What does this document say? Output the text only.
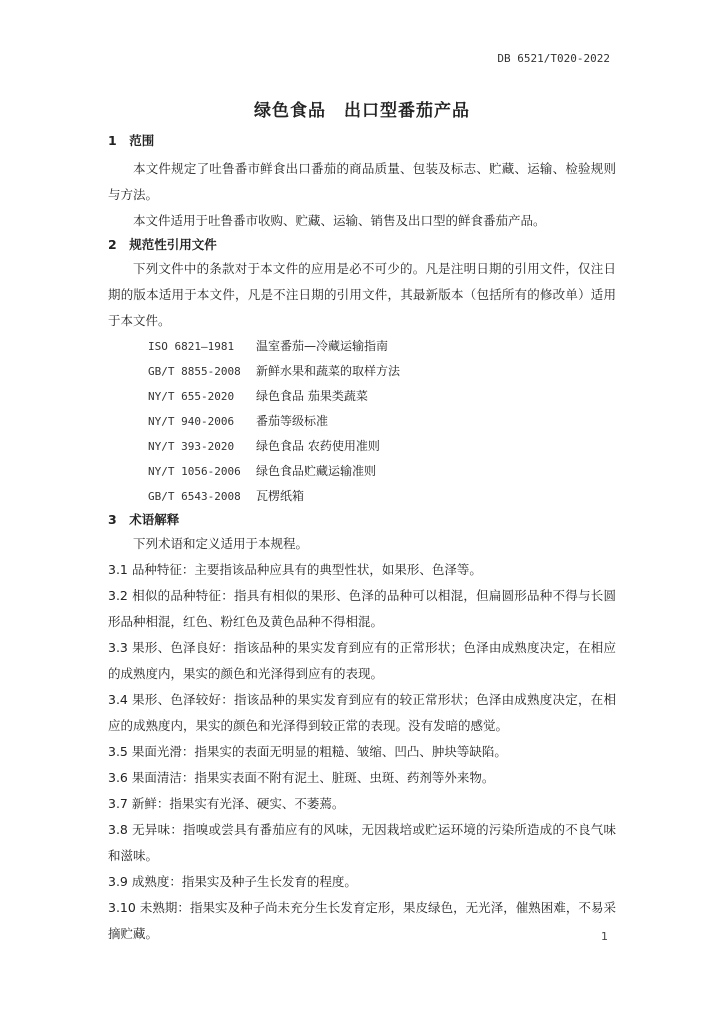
DB 6521/T020-2022
绿色食品　出口型番茄产品

1　范围

本文件规定了吐鲁番市鲜食出口番茄的商品质量、包装及标志、贮藏、运输、检验规则与方法。

本文件适用于吐鲁番市收购、贮藏、运输、销售及出口型的鲜食番茄产品。

2　规范性引用文件

下列文件中的条款对于本文件的应用是必不可少的。凡是注明日期的引用文件，仅注日期的版本适用于本文件，凡是不注日期的引用文件，其最新版本（包括所有的修改单）适用于本文件。

ISO 6821—1981	温室番茄—冷藏运输指南
GB/T 8855-2008	新鲜水果和蔬菜的取样方法
NY/T 655-2020	绿色食品 茄果类蔬菜
NY/T 940-2006	番茄等级标准
NY/T 393-2020	绿色食品 农药使用准则
NY/T 1056-2006	绿色食品贮藏运输准则
GB/T 6543-2008	瓦楞纸箱

3　术语解释

下列术语和定义适用于本规程。

3.1 品种特征：主要指该品种应具有的典型性状，如果形、色泽等。

3.2 相似的品种特征：指具有相似的果形、色泽的品种可以相混，但扁圆形品种不得与长圆形品种相混，红色、粉红色及黄色品种不得相混。

3.3 果形、色泽良好：指该品种的果实发育到应有的正常形状；色泽由成熟度决定，在相应的成熟度内，果实的颜色和光泽得到应有的表现。

3.4 果形、色泽较好：指该品种的果实发育到应有的较正常形状；色泽由成熟度决定，在相应的成熟度内，果实的颜色和光泽得到较正常的表现。没有发暗的感觉。

3.5 果面光滑：指果实的表面无明显的粗糙、皱缩、凹凸、肿块等缺陷。

3.6 果面清洁：指果实表面不附有泥土、脏斑、虫斑、药剂等外来物。

3.7 新鲜：指果实有光泽、硬实、不萎蔫。

3.8 无异味：指嗅或尝具有番茄应有的风味，无因栽培或贮运环境的污染所造成的不良气味和滋味。

3.9 成熟度：指果实及种子生长发育的程度。

3.10 未熟期：指果实及种子尚未充分生长发育定形，果皮绿色，无光泽，催熟困难，不易采摘贮藏。	1
